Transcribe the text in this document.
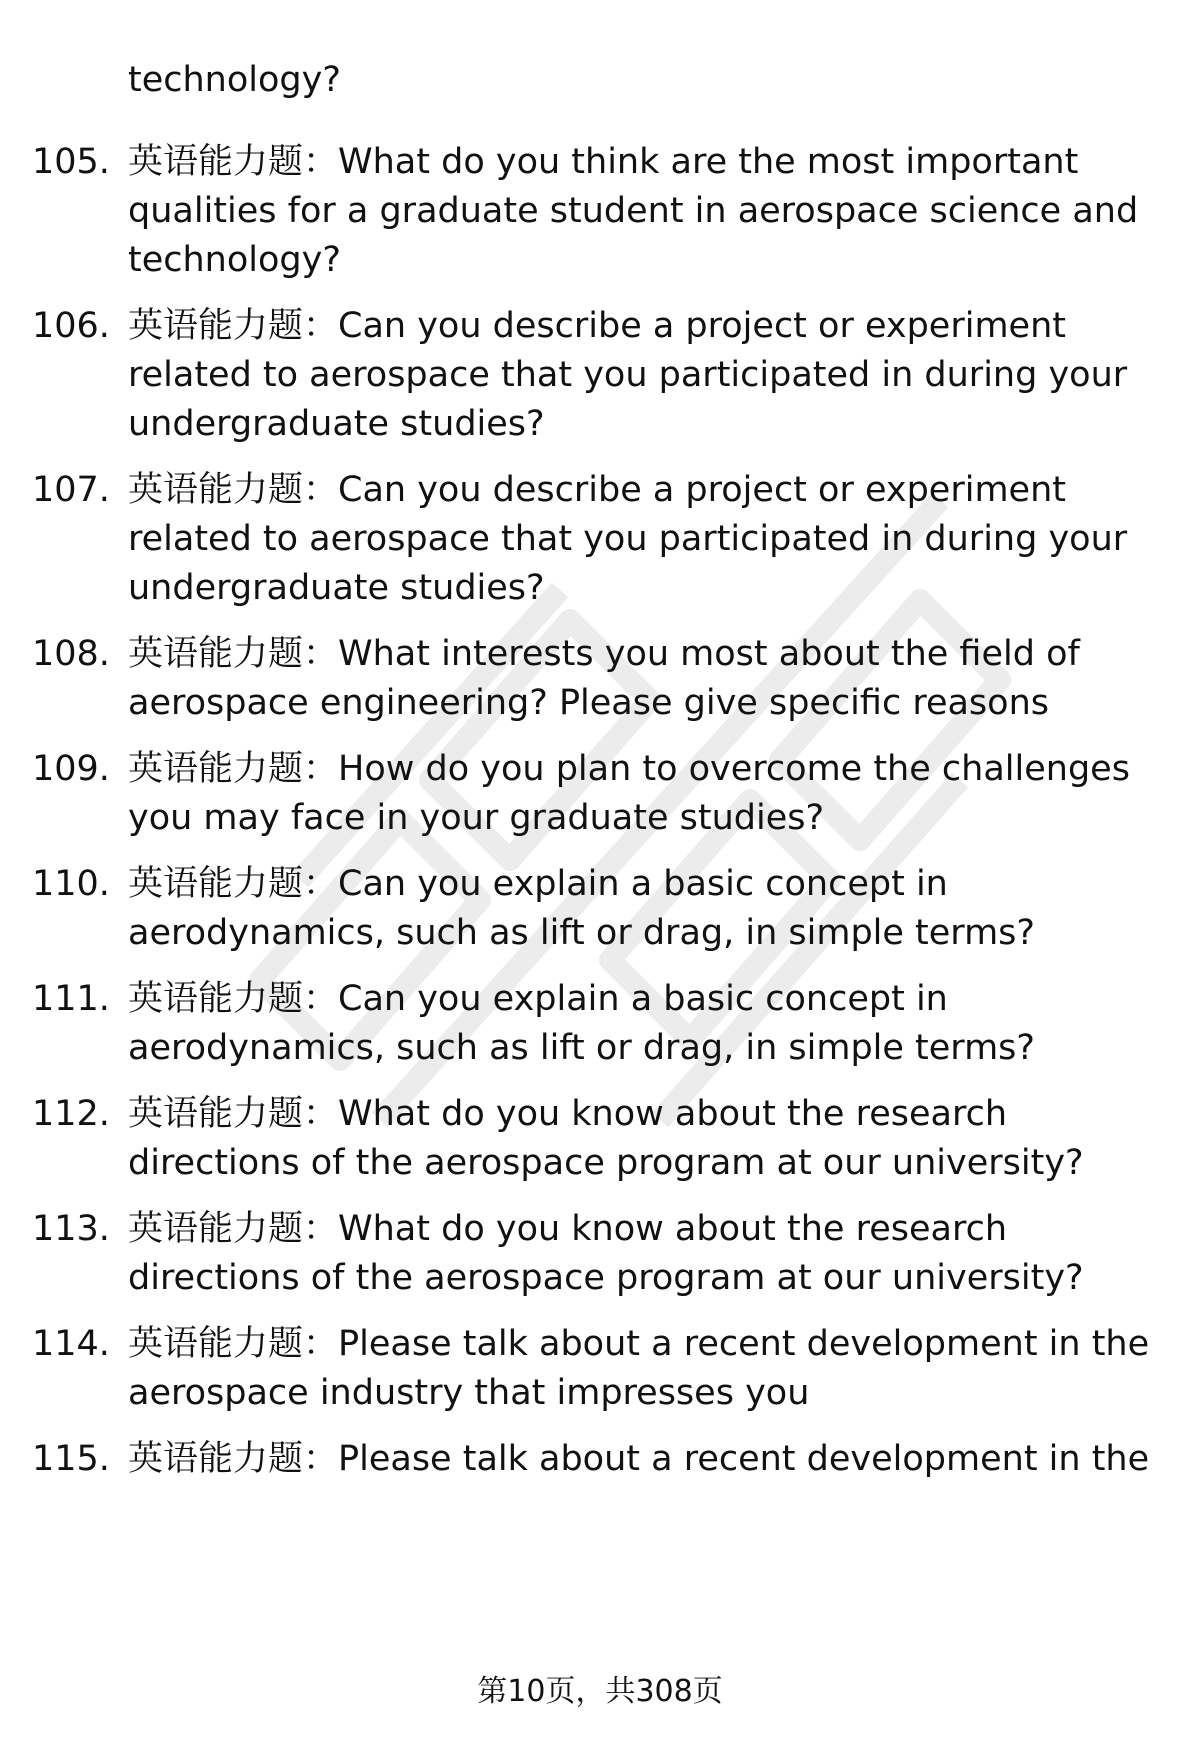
technology?

105. 英语能力题：What do you think are the most important qualities for a graduate student in aerospace science and technology?
106. 英语能力题：Can you describe a project or experiment related to aerospace that you participated in during your undergraduate studies?
107. 英语能力题：Can you describe a project or experiment related to aerospace that you participated in during your undergraduate studies?
108. 英语能力题：What interests you most about the field of aerospace engineering? Please give specific reasons
109. 英语能力题：How do you plan to overcome the challenges you may face in your graduate studies?
110. 英语能力题：Can you explain a basic concept in aerodynamics, such as lift or drag, in simple terms?
111. 英语能力题：Can you explain a basic concept in aerodynamics, such as lift or drag, in simple terms?
112. 英语能力题：What do you know about the research directions of the aerospace program at our university?
113. 英语能力题：What do you know about the research directions of the aerospace program at our university?
114. 英语能力题：Please talk about a recent development in the aerospace industry that impresses you
115. 英语能力题：Please talk about a recent development in the
第10页，共308页
